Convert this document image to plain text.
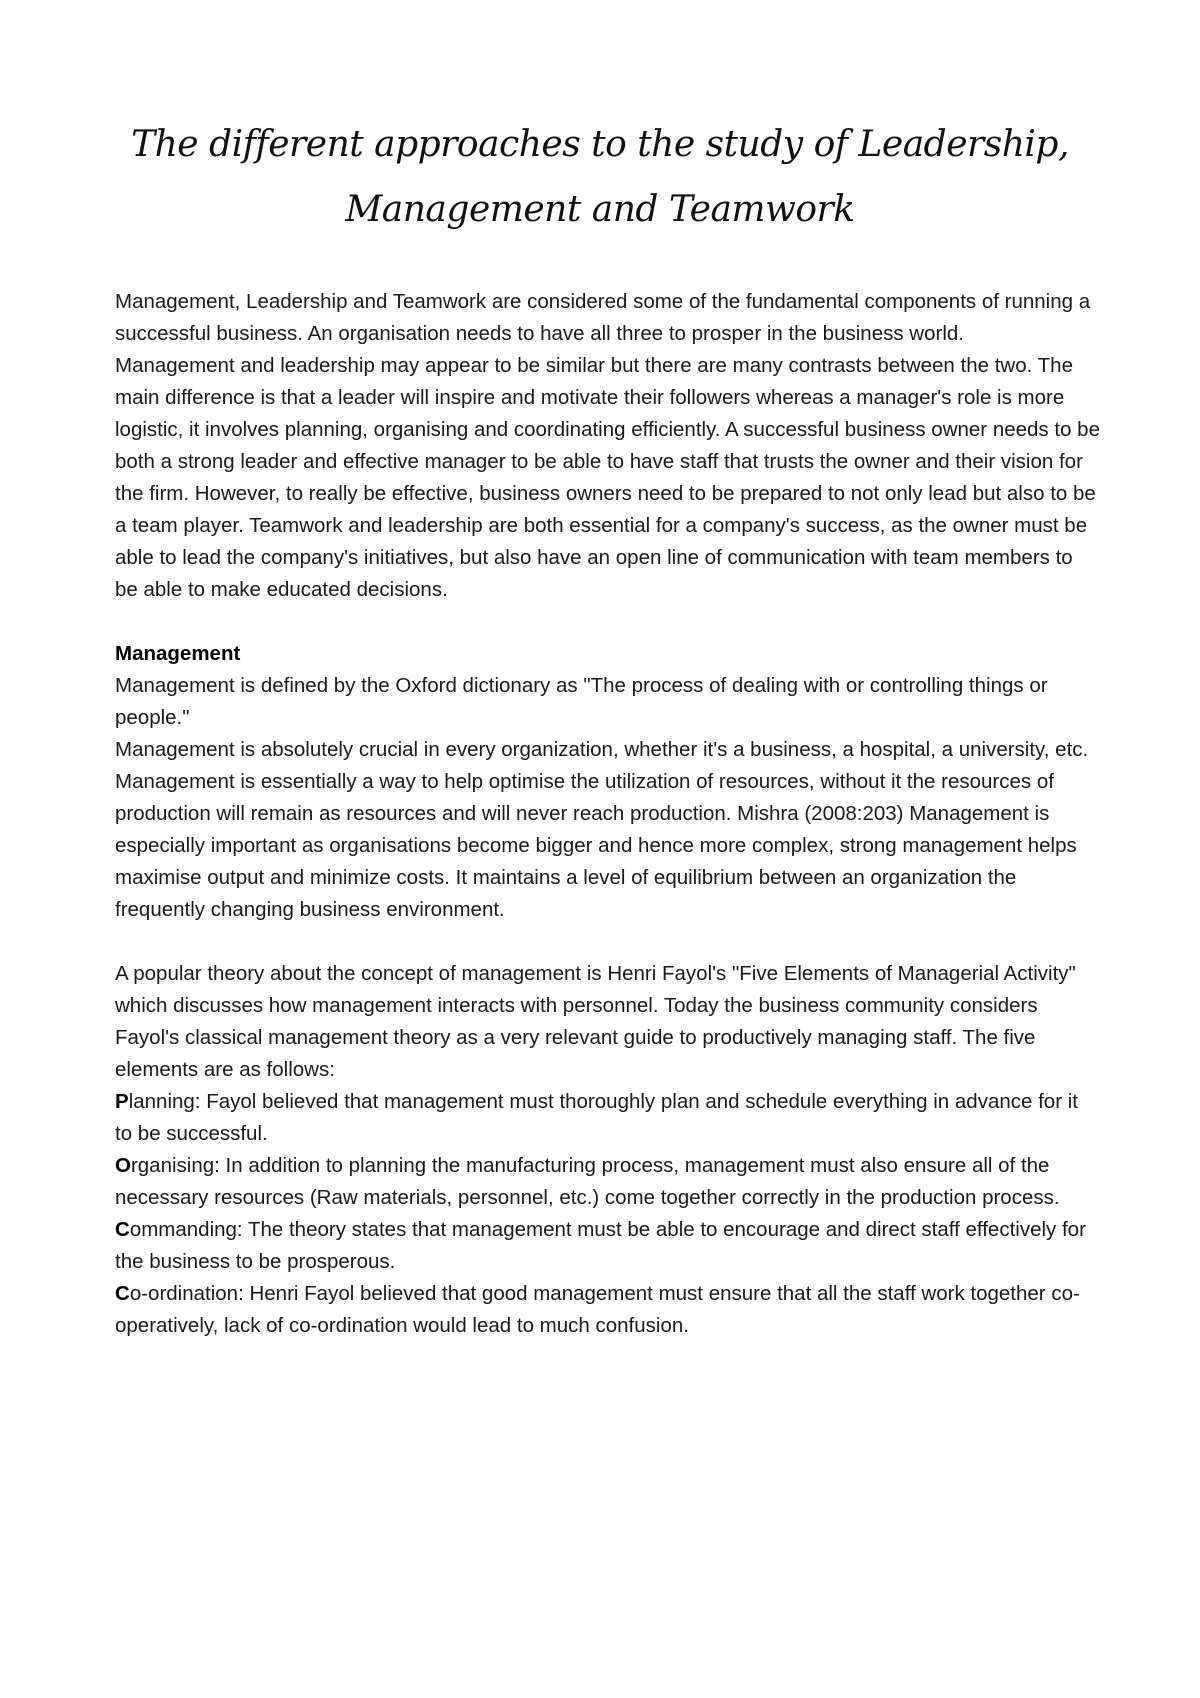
The different approaches to the study of Leadership,
Management and Teamwork

Management, Leadership and Teamwork are considered some of the fundamental components of running a successful business. An organisation needs to have all three to prosper in the business world.

Management and leadership may appear to be similar but there are many contrasts between the two. The main difference is that a leader will inspire and motivate their followers whereas a manager's role is more logistic, it involves planning, organising and coordinating efficiently. A successful business owner needs to be both a strong leader and effective manager to be able to have staff that trusts the owner and their vision for the firm. However, to really be effective, business owners need to be prepared to not only lead but also to be a team player. Teamwork and leadership are both essential for a company's success, as the owner must be able to lead the company's initiatives, but also have an open line of communication with team members to be able to make educated decisions.

Management

Management is defined by the Oxford dictionary as "The process of dealing with or controlling things or people."

Management is absolutely crucial in every organization, whether it's a business, a hospital, a university, etc. Management is essentially a way to help optimise the utilization of resources, without it the resources of production will remain as resources and will never reach production. Mishra (2008:203) Management is especially important as organisations become bigger and hence more complex, strong management helps maximise output and minimize costs. It maintains a level of equilibrium between an organization the frequently changing business environment.

A popular theory about the concept of management is Henri Fayol's "Five Elements of Managerial Activity" which discusses how management interacts with personnel. Today the business community considers Fayol's classical management theory as a very relevant guide to productively managing staff. The five elements are as follows:

Planning: Fayol believed that management must thoroughly plan and schedule everything in advance for it to be successful.

Organising: In addition to planning the manufacturing process, management must also ensure all of the necessary resources (Raw materials, personnel, etc.) come together correctly in the production process.

Commanding: The theory states that management must be able to encourage and direct staff effectively for the business to be prosperous.

Co-ordination: Henri Fayol believed that good management must ensure that all the staff work together co-operatively, lack of co-ordination would lead to much confusion.
